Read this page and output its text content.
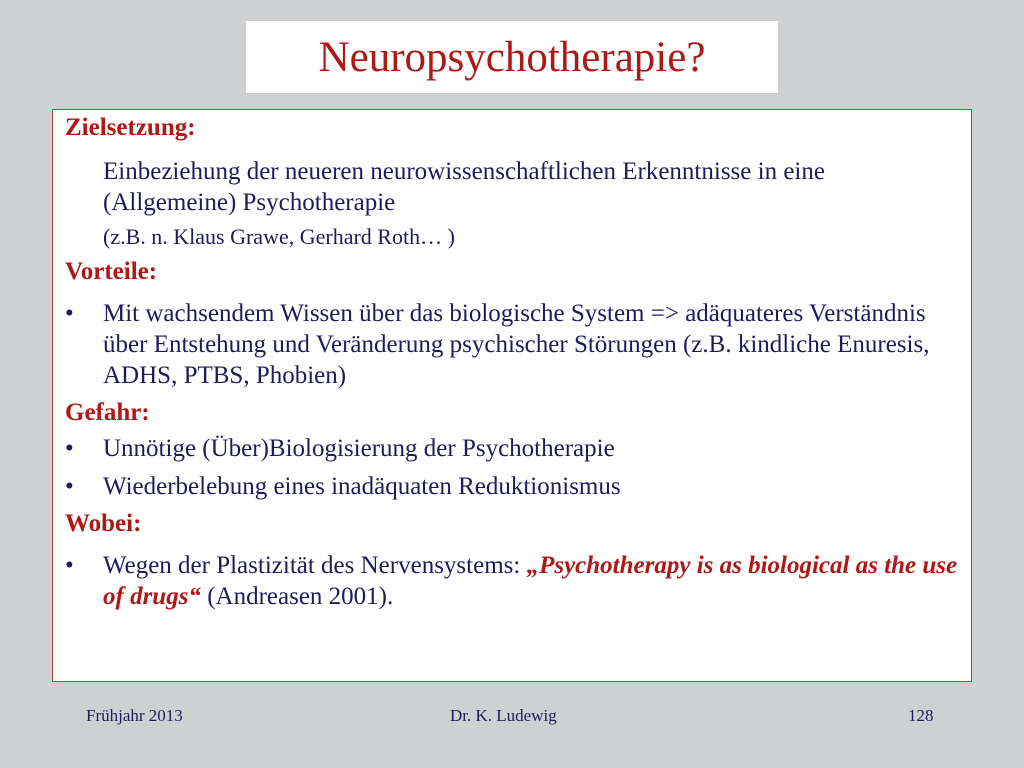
Neuropsychotherapie?
Zielsetzung:
Einbeziehung der neueren neurowissenschaftlichen Erkenntnisse in eine (Allgemeine) Psychotherapie
(z.B. n. Klaus Grawe, Gerhard Roth… )
Vorteile:
•	Mit wachsendem Wissen über das biologische System => adäquateres Verständnis über Entstehung und Veränderung psychischer Störungen (z.B. kindliche Enuresis, ADHS, PTBS, Phobien)
Gefahr:
•	Unnötige (Über)Biologisierung der Psychotherapie
•	Wiederbelebung eines inadäquaten Reduktionismus
Wobei:
•	Wegen der Plastizität des Nervensystems: „Psychotherapy is as biological as the use of drugs“ (Andreasen 2001).
Frühjahr 2013	Dr. K. Ludewig	128
